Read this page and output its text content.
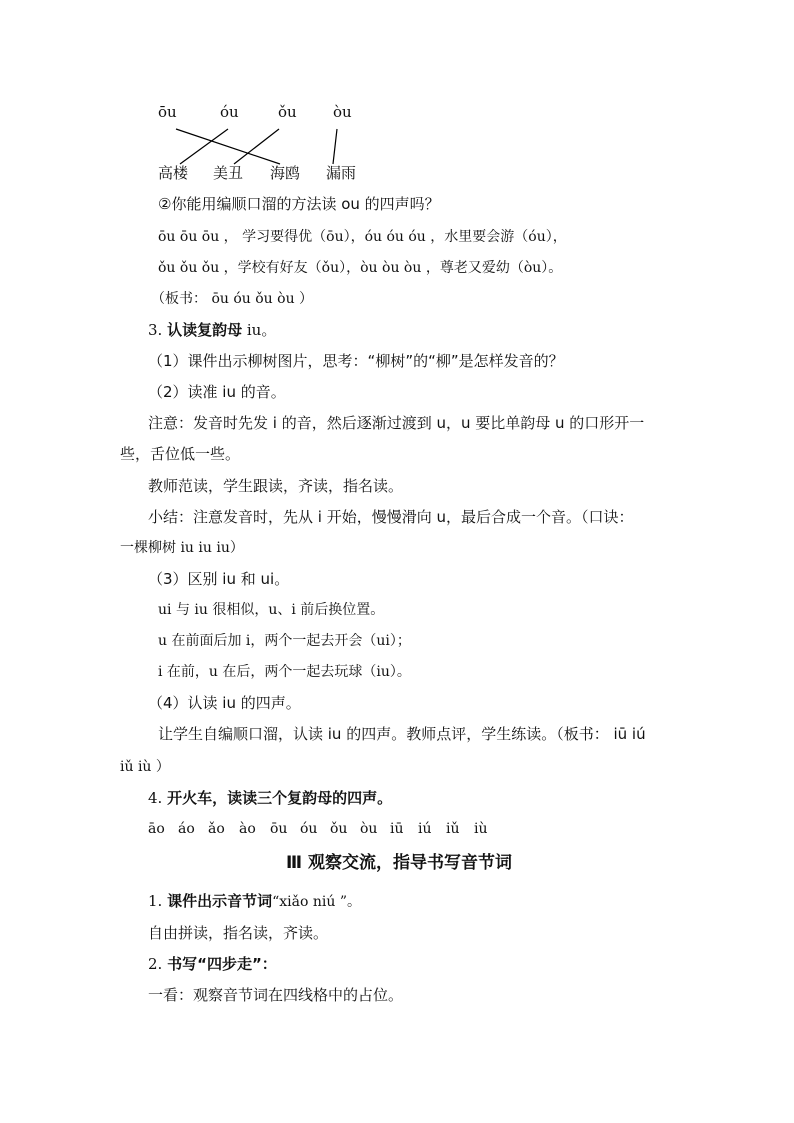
ōu	óu	ǒu òu
高楼 美丑 海鸥 漏雨
②你能用编顺口溜的方法读 ou 的四声吗？
ōu ōu ōu ， 学习要得优（ōu），óu óu óu ，水里要会游（óu），
ǒu ǒu ǒu ，学校有好友（ǒu），òu òu òu ，尊老又爱幼（òu）。
（板书： ōu óu ǒu òu ）
3. 认读复韵母 iu。
（1）课件出示柳树图片，思考：“柳树”的“柳”是怎样发音的？
（2）读准 iu 的音。
注意：发音时先发 i 的音，然后逐渐过渡到 u，u 要比单韵母 u 的口形开一
些，舌位低一些。
教师范读，学生跟读，齐读，指名读。
小结：注意发音时，先从 i 开始，慢慢滑向 u，最后合成一个音。（口诀：
一棵柳树 iu iu iu）
（3）区别 iu 和 ui。
ui 与 iu 很相似，u、i 前后换位置。
u 在前面后加 i，两个一起去开会（ui）；
i 在前，u 在后，两个一起去玩球（iu）。
（4）认读 iu 的四声。
让学生自编顺口溜，认读 iu 的四声。教师点评，学生练读。（板书： iū iú
iǔ iù ）
4. 开火车，读读三个复韵母的四声。
āo áo ǎo ào ōu óu ǒu òu iū iú iǔ iù
Ⅲ 观察交流，指导书写音节词
1. 课件出示音节词“xiǎo niú ”。
自由拼读，指名读，齐读。
2. 书写“四步走”：
一看：观察音节词在四线格中的占位。
